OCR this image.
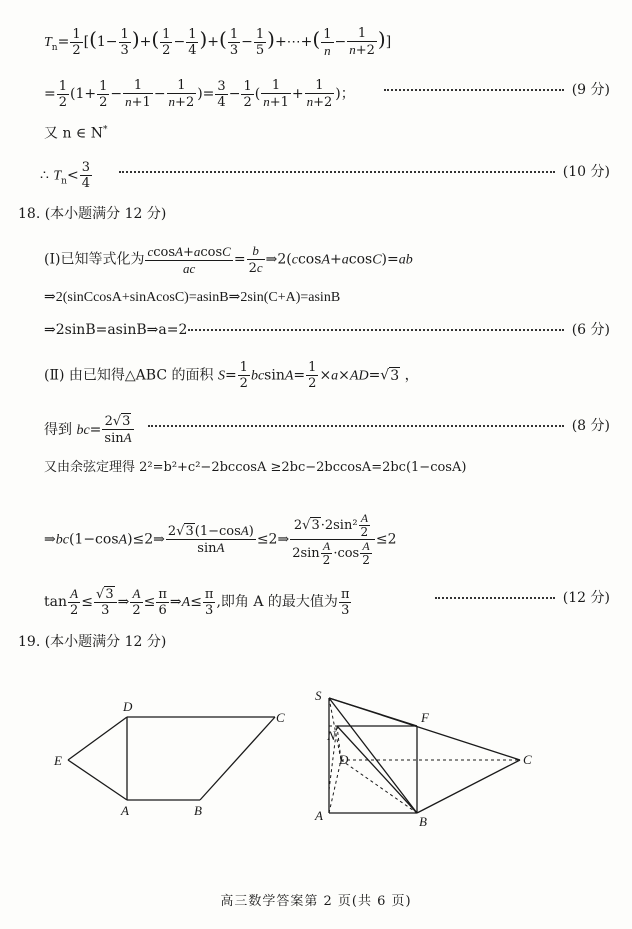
$T_n= \frac{1}{2} [(1- \frac{1}{3}$ )+( $\frac{1}{2} - \frac{1}{4}$ )+( $\frac{1}{3} - \frac{1}{5}$ )+⋯+( $\frac{1}{n} - \frac{1}{n+2}$ )]
= $\frac{1}{2} (1+ \frac{1}{2} - \frac{1}{n+1} - \frac{1}{n+2}$ )= $\frac{3}{4} - \frac{1}{2}$ ( $\frac{1}{n+1} + \frac{1}{n+2}$ )；	(9 分)
又 n ∈ N*
∴ $T_n< \frac{3}{4}$	(10 分)
18. (本小题满分 12 分)
(Ⅰ)已知等式化为 $\frac{ccosA+acosC}{ac} = \frac{b}{2c}$ ⇒2(ccosA+acosC)=ab
⇒2(sinCcosA+sinAcosC)=asinB⇒2sin(C+A)=asinB
⇒2sinB=asinB⇒a=2	(6 分)
(Ⅱ) 由已知得△ABC 的面积 $S= \frac{1}{2} bcsinA= \frac{1}{2} \times a\times AD=√3$ ，
得到 $bc= \frac{2√3}{\sin A}$	(8 分)
又由余弦定理得 2²=b²+c²−2bccosA ≥2bc−2bccosA=2bc(1−cosA)
⇒bc(1−cosA)≤2⇒ $\frac{2√3(1-\cos A)}{\sin A}$ ≤2⇒ $\frac{2√3\cdot 2\sin^2 \frac{A}{2}}{2\sin \frac{A}{2} \cdot\cos \frac{A}{2}} \le 2$
$\tan \frac{A}{2} \le \frac{√3}{3}$ ⇒ $\frac{A}{2} \le \frac{\pi}{6}$ ⇒A≤ $\frac{\pi}{3}$ ,即角 A 的最大值为 $\frac{\pi}{3}$	(12 分)
19. (本小题满分 12 分)
D
C
E
A	B
S
F
N
D	C
A	B
高三数学答案第 2 页(共 6 页)
